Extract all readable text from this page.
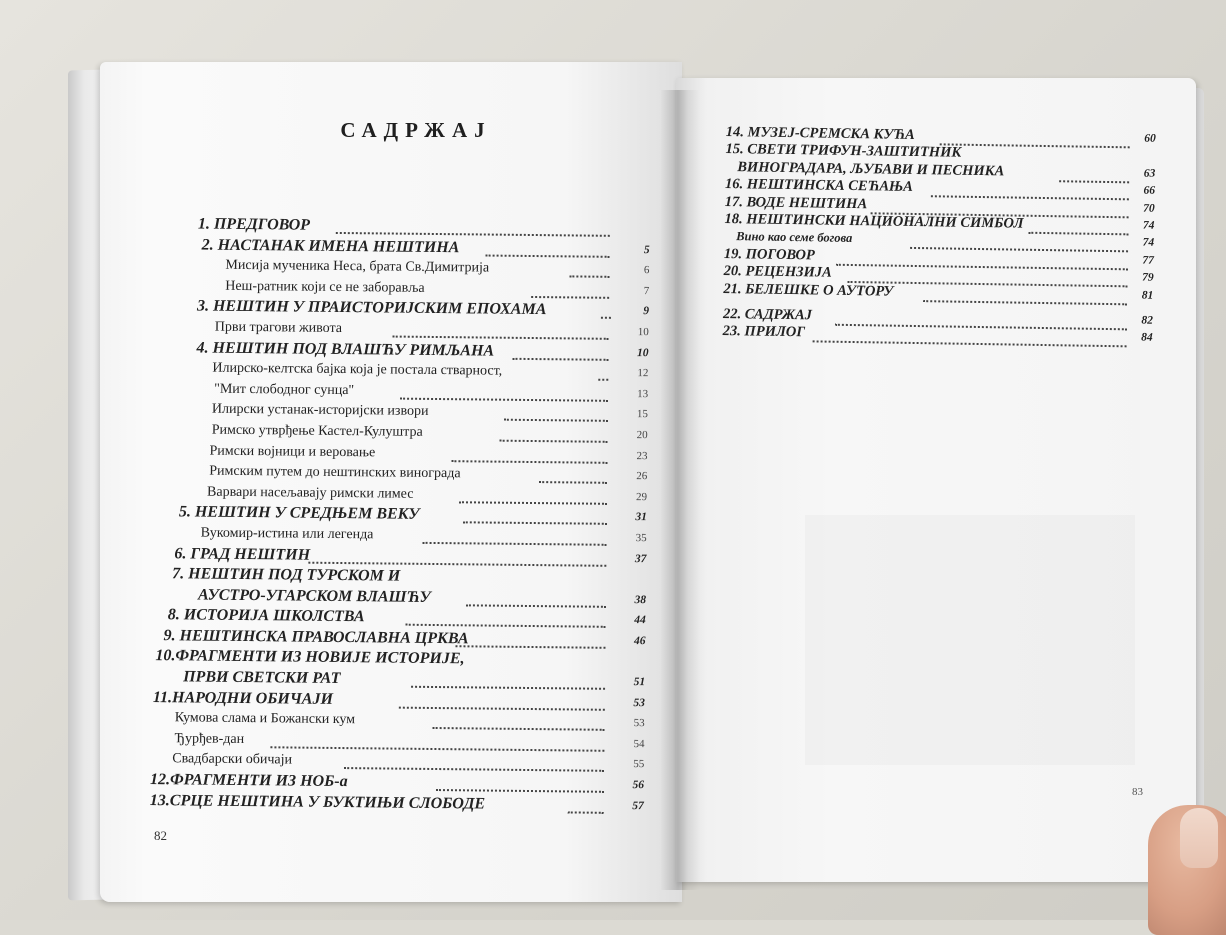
САДРЖАЈ
1. ПРЕДГОВОР
2. НАСТАНАК ИМЕНА НЕШТИНА	5
Мисија мученика Неса, брата Св.Димитрија	6
Неш-ратник који се не заборавља	7
3. НЕШТИН У ПРАИСТОРИЈСКИМ ЕПОХАМА	9
Први трагови живота	10
4. НЕШТИН ПОД ВЛАШЋУ РИМЉАНА	10
Илирско-келтска бајка која је постала стварност,	12
"Мит слободног сунца"	13
Илирски устанак-историјски извори	15
Римско утврђење Кастел-Кулуштра	20
Римски војници и веровање	23
Римским путем до нештинских винограда	26
Варвари насељавају римски лимес	29
5. НЕШТИН У СРЕДЊЕМ ВЕКУ	31
Вукомир-истина или легенда	35
6. ГРАД НЕШТИН	37
7. НЕШТИН ПОД ТУРСКОМ И
АУСТРО-УГАРСКОМ ВЛАШЋУ	38
8. ИСТОРИЈА ШКОЛСТВА	44
9. НЕШТИНСКА ПРАВОСЛАВНА ЦРКВА	46
10.ФРАГМЕНТИ ИЗ НОВИЈЕ ИСТОРИЈЕ,
ПРВИ СВЕТСКИ РАТ	51
11.НАРОДНИ ОБИЧАЈИ	53
Кумова слама и Божански кум	53
Ђурђев-дан	54
Свадбарски обичаји	55
12.ФРАГМЕНТИ ИЗ НОБ-а	56
13.СРЦЕ НЕШТИНА У БУКТИЊИ СЛОБОДЕ	57
82
14. МУЗЕЈ-СРЕМСКА КУЋА	60
15. СВЕТИ ТРИФУН-ЗАШТИТНИК
ВИНОГРАДАРА, ЉУБАВИ И ПЕСНИКА	63
16. НЕШТИНСКА СЕЋАЊА	66
17. ВОДЕ НЕШТИНА	70
18. НЕШТИНСКИ НАЦИОНАЛНИ СИМБОЛ	74
Вино као семе богова	74
19. ПОГОВОР	77
20. РЕЦЕНЗИЈА	79
21. БЕЛЕШКЕ О АУТОРУ	81
22. САДРЖАЈ	82
23. ПРИЛОГ	84
83
